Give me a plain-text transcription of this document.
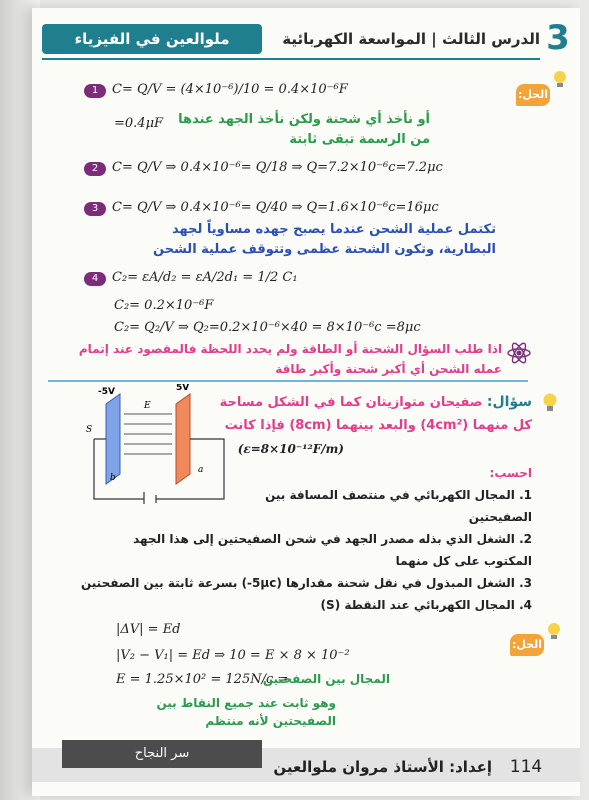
ملوالعين في الفيزياء	الدرس الثالث | المواسعة الكهربائية 3
الحل:
1 C= Q/V = (4×10⁻⁶)/10 = 0.4×10⁻⁶F
=0.4μF أو نأخذ أي شحنة ولكن نأخذ الجهد عندها
من الرسمة تبقى ثابتة
2 C= Q/V ⇒ 0.4×10⁻⁶= Q/18 ⇒ Q=7.2×10⁻⁶c=7.2μc
3 C= Q/V ⇒ 0.4×10⁻⁶= Q/40 ⇒ Q=1.6×10⁻⁶c=16μc
تكتمل عملية الشحن عندما يصبح جهده مساوياً لجهد
البطارية، وتكون الشحنة عظمى وتتوقف عملية الشحن
4 C₂= εA/d₂ = εA/2d₁ = 1/2 C₁
C₂= 0.2×10⁻⁶F
C₂= Q₂/V ⇒ Q₂=0.2×10⁻⁶×40 = 8×10⁻⁶c =8μc
اذا طلب السؤال الشحنة أو الطاقة ولم يحدد اللحظة فالمقصود عند إتمام
عمله الشحن أي أكبر شحنة وأكبر طاقة
سؤال: صفيحان متوازيتان كما في الشكل مساحة
كل منهما (4cm²) والبعد بينهما (8cm) فإذا كانت
(ε=8×10⁻¹²F/m)
احسب:
1. المجال الكهربائي في منتصف المسافة بين
الصفيحتين
2. الشغل الذي بذله مصدر الجهد في شحن الصفيحتين إلى هذا الجهد
المكتوب على كل منهما
3. الشغل المبذول في نقل شحنة مقدارها (5μc-) بسرعة ثابتة بين الصفحتين
4. المجال الكهربائي عند النقطة (S)
-5V	5V
E
S
b
a
الحل:
|ΔV| = Ed
|V₂ − V₁| = Ed ⇒ 10 = E × 8 × 10⁻²
E = 1.25×10² = 125N/c =
المجال بين الصفحتين
وهو ثابت عند جميع النقاط بين
الصفيحتين لأنه منتظم
سر النجاح
إعداد: الأستاذ مروان ملوالعين 114
